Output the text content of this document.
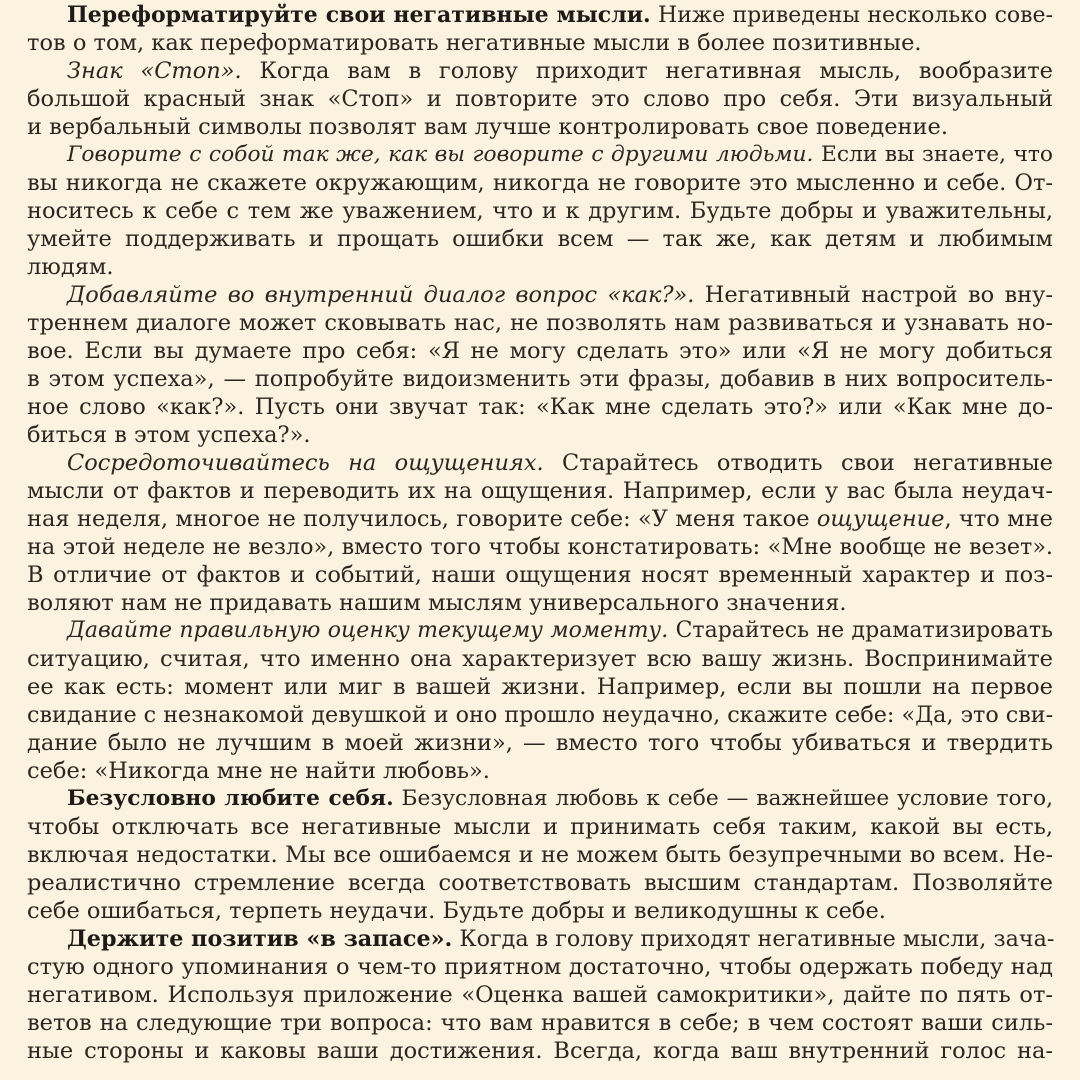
Переформатируйте свои негативные мысли. Ниже приведены несколько сове-
тов о том, как переформатировать негативные мысли в более позитивные.
Знак «Стоп». Когда вам в голову приходит негативная мысль, вообразите
большой красный знак «Стоп» и повторите это слово про себя. Эти визуальный
и вербальный символы позволят вам лучше контролировать свое поведение.
Говорите с собой так же, как вы говорите с другими людьми. Если вы знаете, что
вы никогда не скажете окружающим, никогда не говорите это мысленно и себе. От-
носитесь к себе с тем же уважением, что и к другим. Будьте добры и уважительны,
умейте поддерживать и прощать ошибки всем — так же, как детям и любимым
людям.
Добавляйте во внутренний диалог вопрос «как?». Негативный настрой во вну-
треннем диалоге может сковывать нас, не позволять нам развиваться и узнавать но-
вое. Если вы думаете про себя: «Я не могу сделать это» или «Я не могу добиться
в этом успеха», — попробуйте видоизменить эти фразы, добавив в них вопроситель-
ное слово «как?». Пусть они звучат так: «Как мне сделать это?» или «Как мне до-
биться в этом успеха?».
Сосредоточивайтесь на ощущениях. Старайтесь отводить свои негативные
мысли от фактов и переводить их на ощущения. Например, если у вас была неудач-
ная неделя, многое не получилось, говорите себе: «У меня такое ощущение, что мне
на этой неделе не везло», вместо того чтобы констатировать: «Мне вообще не везет».
В отличие от фактов и событий, наши ощущения носят временный характер и поз-
воляют нам не придавать нашим мыслям универсального значения.
Давайте правильную оценку текущему моменту. Старайтесь не драматизировать
ситуацию, считая, что именно она характеризует всю вашу жизнь. Воспринимайте
ее как есть: момент или миг в вашей жизни. Например, если вы пошли на первое
свидание с незнакомой девушкой и оно прошло неудачно, скажите себе: «Да, это сви-
дание было не лучшим в моей жизни», — вместо того чтобы убиваться и твердить
себе: «Никогда мне не найти любовь».
Безусловно любите себя. Безусловная любовь к себе — важнейшее условие того,
чтобы отключать все негативные мысли и принимать себя таким, какой вы есть,
включая недостатки. Мы все ошибаемся и не можем быть безупречными во всем. Не-
реалистично стремление всегда соответствовать высшим стандартам. Позволяйте
себе ошибаться, терпеть неудачи. Будьте добры и великодушны к себе.
Держите позитив «в запасе». Когда в голову приходят негативные мысли, зача-
стую одного упоминания о чем-то приятном достаточно, чтобы одержать победу над
негативом. Используя приложение «Оценка вашей самокритики», дайте по пять от-
ветов на следующие три вопроса: что вам нравится в себе; в чем состоят ваши силь-
ные стороны и каковы ваши достижения. Всегда, когда ваш внутренний голос на-
